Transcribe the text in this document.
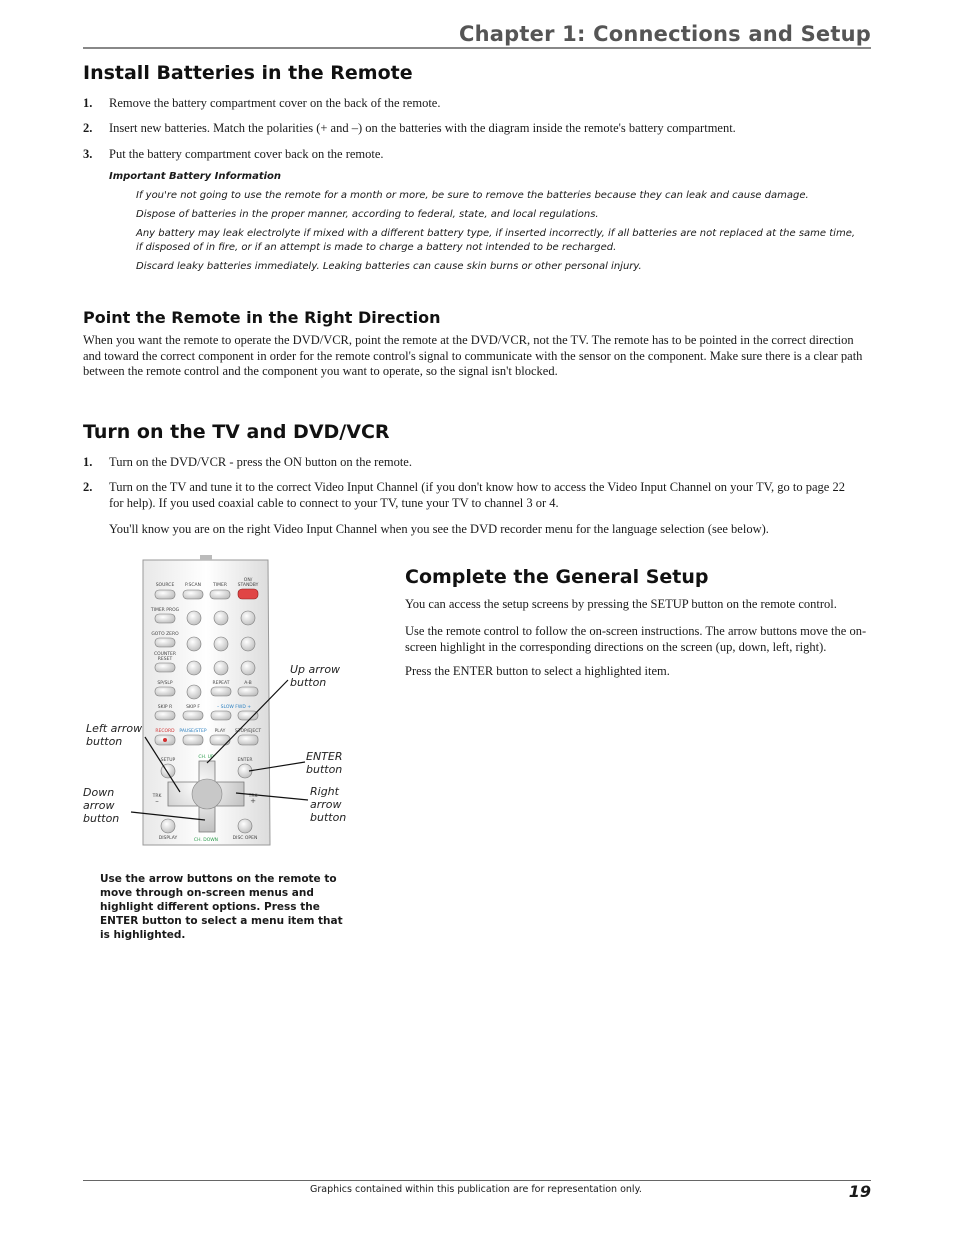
Chapter 1: Connections and Setup
Install Batteries in the Remote
1. Remove the battery compartment cover on the back of the remote.
2. Insert new batteries. Match the polarities (+ and –) on the batteries with the diagram inside the remote's battery compartment.
3. Put the battery compartment cover back on the remote.
Important Battery Information
If you're not going to use the remote for a month or more, be sure to remove the batteries because they can leak and cause damage.
Dispose of batteries in the proper manner, according to federal, state, and local regulations.
Any battery may leak electrolyte if mixed with a different battery type, if inserted incorrectly, if all batteries are not replaced at the same time, if disposed of in fire, or if an attempt is made to charge a battery not intended to be recharged.
Discard leaky batteries immediately. Leaking batteries can cause skin burns or other personal injury.
Point the Remote in the Right Direction
When you want the remote to operate the DVD/VCR, point the remote at the DVD/VCR, not the TV. The remote has to be pointed in the correct direction and toward the correct component in order for the remote control's signal to communicate with the sensor on the component. Make sure there is a clear path between the remote control and the component you want to operate, so the signal isn't blocked.
Turn on the TV and DVD/VCR
1. Turn on the DVD/VCR - press the ON button on the remote.
2. Turn on the TV and tune it to the correct Video Input Channel (if you don't know how to access the Video Input Channel on your TV, go to page 22 for help). If you used coaxial cable to connect to your TV, tune your TV to channel 3 or 4.
You'll know you are on the right Video Input Channel when you see the DVD recorder menu for the language selection (see below).
SOURCE P.SCAN	TIMER
ON/
STANDBY
TIMER PROG
GOTO ZERO
COUNTER
RESET
SP/SLP	REPEAT	A-B
SKIP R	SKIP F	– SLOW FWD +
RECORD PAUSE/STEP PLAY STOP/EJECT
SETUP
CH. UP
ENTER
TRK
–
TRK
+
DISPLAY	CH. DOWN	DISC OPEN
Up arrow
button
Left arrow
button
ENTER
button
Down
arrow
button
Right
arrow
button
Use the arrow buttons on the remote to move through on-screen menus and highlight different options. Press the ENTER button to select a menu item that is highlighted.
Complete the General Setup
You can access the setup screens by pressing the SETUP button on the remote control.
Use the remote control to follow the on-screen instructions. The arrow buttons move the on-screen highlight in the corresponding directions on the screen (up, down, left, right).
Press the ENTER button to select a highlighted item.
Graphics contained within this publication are for representation only.	19
